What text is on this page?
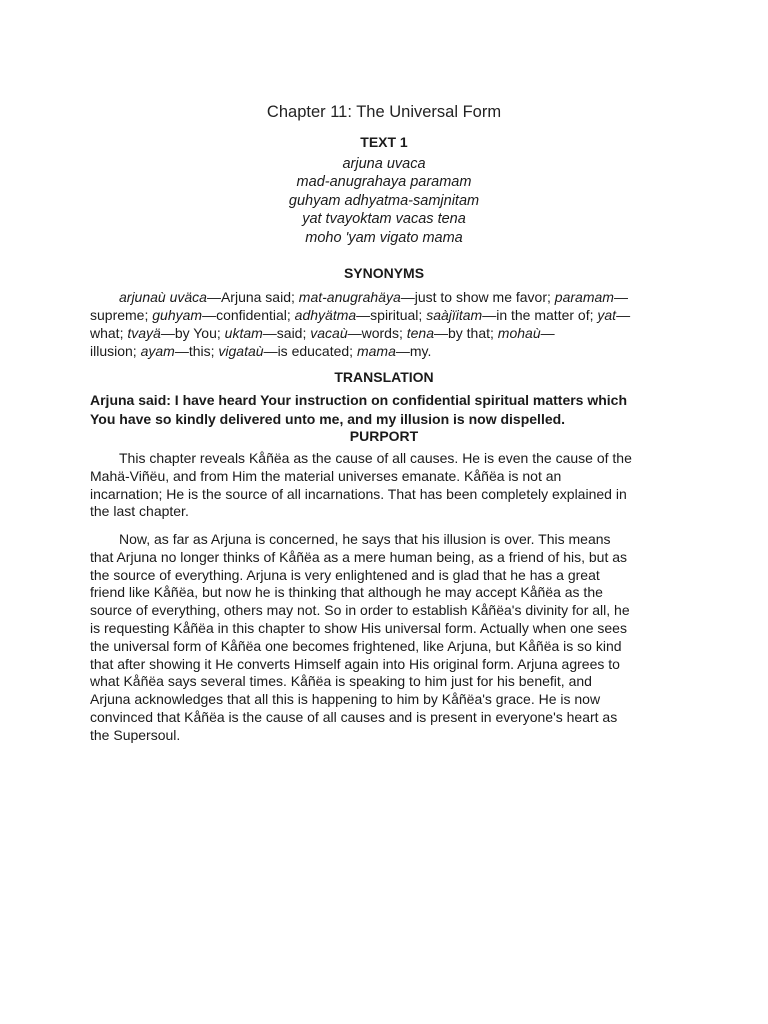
Chapter 11: The Universal Form
TEXT 1
arjuna uvaca
mad-anugrahaya paramam
guhyam adhyatma-samjnitam
yat tvayoktam vacas tena
moho 'yam vigato mama
SYNONYMS
arjunaù uväca—Arjuna said; mat-anugrahäya—just to show me favor; paramam—
supreme; guhyam—confidential; adhyätma—spiritual; saàjïitam—in the matter of; yat—
what; tvayä—by You; uktam—said; vacaù—words; tena—by that; mohaù—
illusion; ayam—this; vigataù—is educated; mama—my.
TRANSLATION
Arjuna said: I have heard Your instruction on confidential spiritual matters which
You have so kindly delivered unto me, and my illusion is now dispelled.
PURPORT
This chapter reveals Kåñëa as the cause of all causes. He is even the cause of the
Mahä-Viñëu, and from Him the material universes emanate. Kåñëa is not an
incarnation; He is the source of all incarnations. That has been completely explained in
the last chapter.
Now, as far as Arjuna is concerned, he says that his illusion is over. This means
that Arjuna no longer thinks of Kåñëa as a mere human being, as a friend of his, but as
the source of everything. Arjuna is very enlightened and is glad that he has a great
friend like Kåñëa, but now he is thinking that although he may accept Kåñëa as the
source of everything, others may not. So in order to establish Kåñëa's divinity for all, he
is requesting Kåñëa in this chapter to show His universal form. Actually when one sees
the universal form of Kåñëa one becomes frightened, like Arjuna, but Kåñëa is so kind
that after showing it He converts Himself again into His original form. Arjuna agrees to
what Kåñëa says several times. Kåñëa is speaking to him just for his benefit, and
Arjuna acknowledges that all this is happening to him by Kåñëa's grace. He is now
convinced that Kåñëa is the cause of all causes and is present in everyone's heart as
the Supersoul.
